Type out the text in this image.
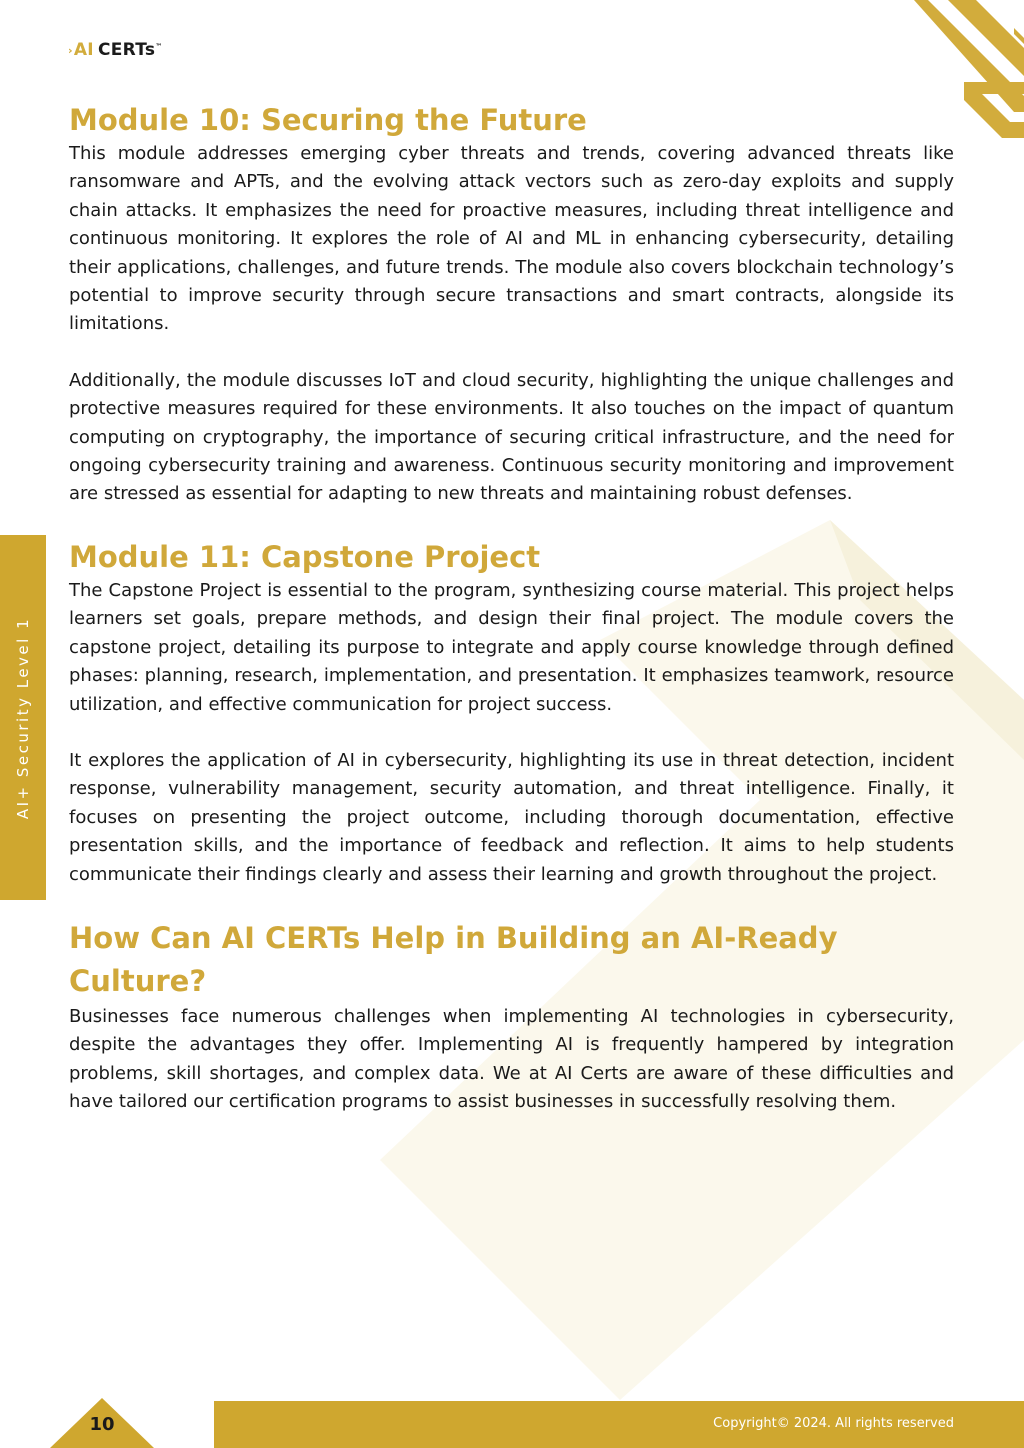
› AI CERTs™
AI+ Security Level 1
Module 10: Securing the Future

This module addresses emerging cyber threats and trends, covering advanced threats like ransomware and APTs, and the evolving attack vectors such as zero-day exploits and supply chain attacks. It emphasizes the need for proactive measures, including threat intelligence and continuous monitoring. It explores the role of AI and ML in enhancing cybersecurity, detailing their applications, challenges, and future trends. The module also covers blockchain technology’s potential to improve security through secure transactions and smart contracts, alongside its limitations.

Additionally, the module discusses IoT and cloud security, highlighting the unique challenges and protective measures required for these environments. It also touches on the impact of quantum computing on cryptography, the importance of securing critical infrastructure, and the need for ongoing cybersecurity training and awareness. Continuous security monitoring and improvement are stressed as essential for adapting to new threats and maintaining robust defenses.

Module 11: Capstone Project

The Capstone Project is essential to the program, synthesizing course material. This project helps learners set goals, prepare methods, and design their final project. The module covers the capstone project, detailing its purpose to integrate and apply course knowledge through defined phases: planning, research, implementation, and presentation. It emphasizes teamwork, resource utilization, and effective communication for project success.

It explores the application of AI in cybersecurity, highlighting its use in threat detection, incident response, vulnerability management, security automation, and threat intelligence. Finally, it focuses on presenting the project outcome, including thorough documentation, effective presentation skills, and the importance of feedback and reflection. It aims to help students communicate their findings clearly and assess their learning and growth throughout the project.

How Can AI CERTs Help in Building an AI-Ready Culture?

Businesses face numerous challenges when implementing AI technologies in cybersecurity, despite the advantages they offer. Implementing AI is frequently hampered by integration problems, skill shortages, and complex data. We at AI Certs are aware of these difficulties and have tailored our certification programs to assist businesses in successfully resolving them.

10	Copyright© 2024. All rights reserved
